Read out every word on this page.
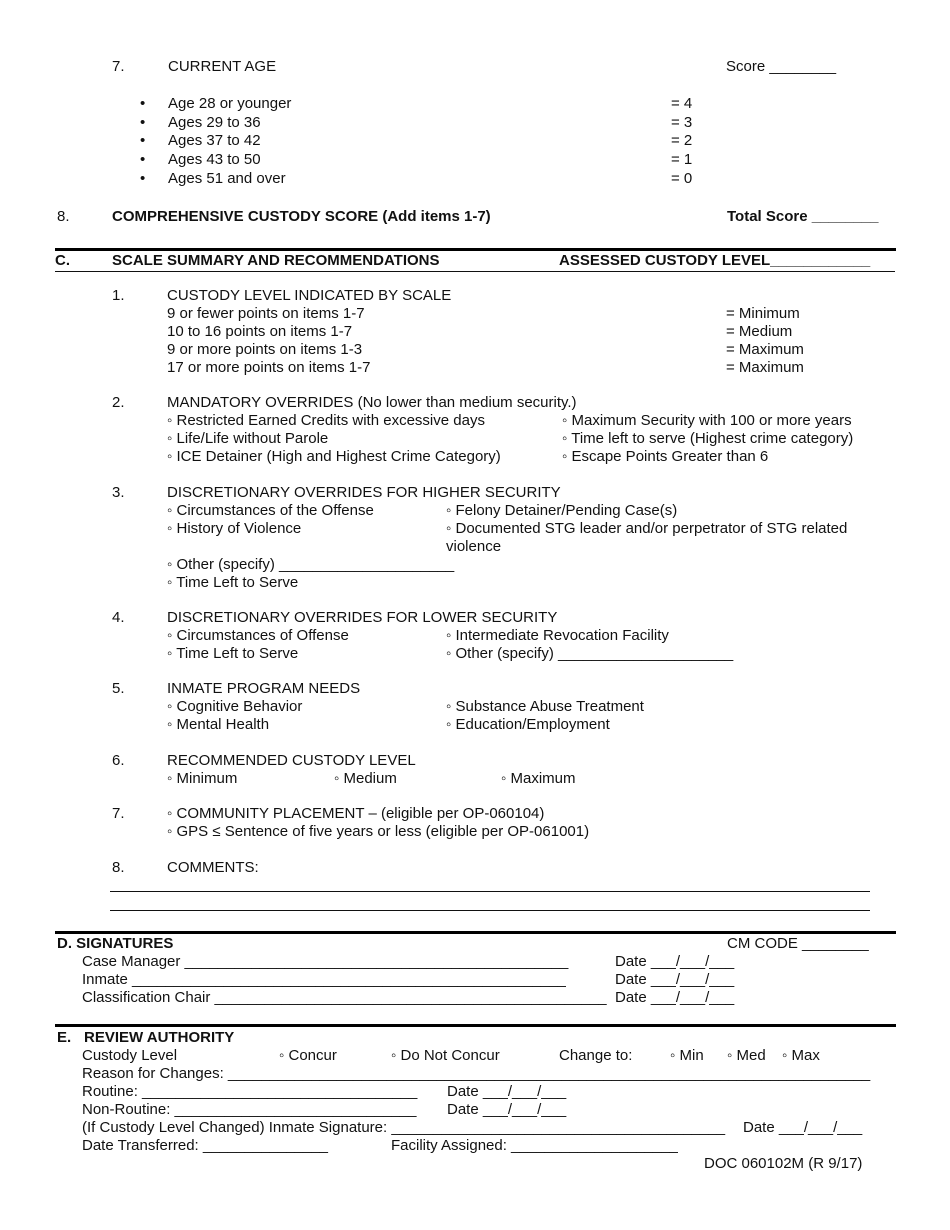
7.	CURRENT AGE	Score ________
• Age 28 or younger	= 4
• Ages 29 to 36	= 3
• Ages 37 to 42	= 2
• Ages 43 to 50	= 1
• Ages 51 and over	= 0
8.	COMPREHENSIVE CUSTODY SCORE (Add items 1-7)	Total Score ________
C.	SCALE SUMMARY AND RECOMMENDATIONS	ASSESSED CUSTODY LEVEL____________
1.	CUSTODY LEVEL INDICATED BY SCALE
9 or fewer points on items 1-7	= Minimum
10 to 16 points on items 1-7	= Medium
9 or more points on items 1-3	= Maximum
17 or more points on items 1-7	= Maximum
2.	MANDATORY OVERRIDES (No lower than medium security.)
◦ Restricted Earned Credits with excessive days	◦ Maximum Security with 100 or more years
◦ Life/Life without Parole	◦ Time left to serve (Highest crime category)
◦ ICE Detainer (High and Highest Crime Category)	◦ Escape Points Greater than 6
3.	DISCRETIONARY OVERRIDES FOR HIGHER SECURITY
◦ Circumstances of the Offense	◦ Felony Detainer/Pending Case(s)
◦ History of Violence	◦ Documented STG leader and/or perpetrator of STG related
violence
◦ Other (specify) _____________________
◦ Time Left to Serve
4.	DISCRETIONARY OVERRIDES FOR LOWER SECURITY
◦ Circumstances of Offense	◦ Intermediate Revocation Facility
◦ Time Left to Serve	◦ Other (specify) _____________________
5.	INMATE PROGRAM NEEDS
◦ Cognitive Behavior	◦ Substance Abuse Treatment
◦ Mental Health	◦ Education/Employment
6.	RECOMMENDED CUSTODY LEVEL
◦ Minimum	◦ Medium	◦ Maximum
7.	◦ COMMUNITY PLACEMENT – (eligible per OP-060104)
◦ GPS ≤ Sentence of five years or less (eligible per OP-061001)
8.	COMMENTS:
D. SIGNATURES	CM CODE ________
Case Manager ______________________________________________	Date ___/___/___
Inmate ____________________________________________________	Date ___/___/___
Classification Chair _______________________________________________ Date ___/___/___
E. REVIEW AUTHORITY
Custody Level	◦ Concur	◦ Do Not Concur	Change to:	◦ Min ◦ Med ◦ Max
Reason for Changes: _____________________________________________________________________________
Routine: _________________________________ Date ___/___/___
Non-Routine: _____________________________ Date ___/___/___
(If Custody Level Changed) Inmate Signature: ________________________________________ Date ___/___/___
Date Transferred: _______________	Facility Assigned: ____________________
DOC 060102M (R 9/17)
